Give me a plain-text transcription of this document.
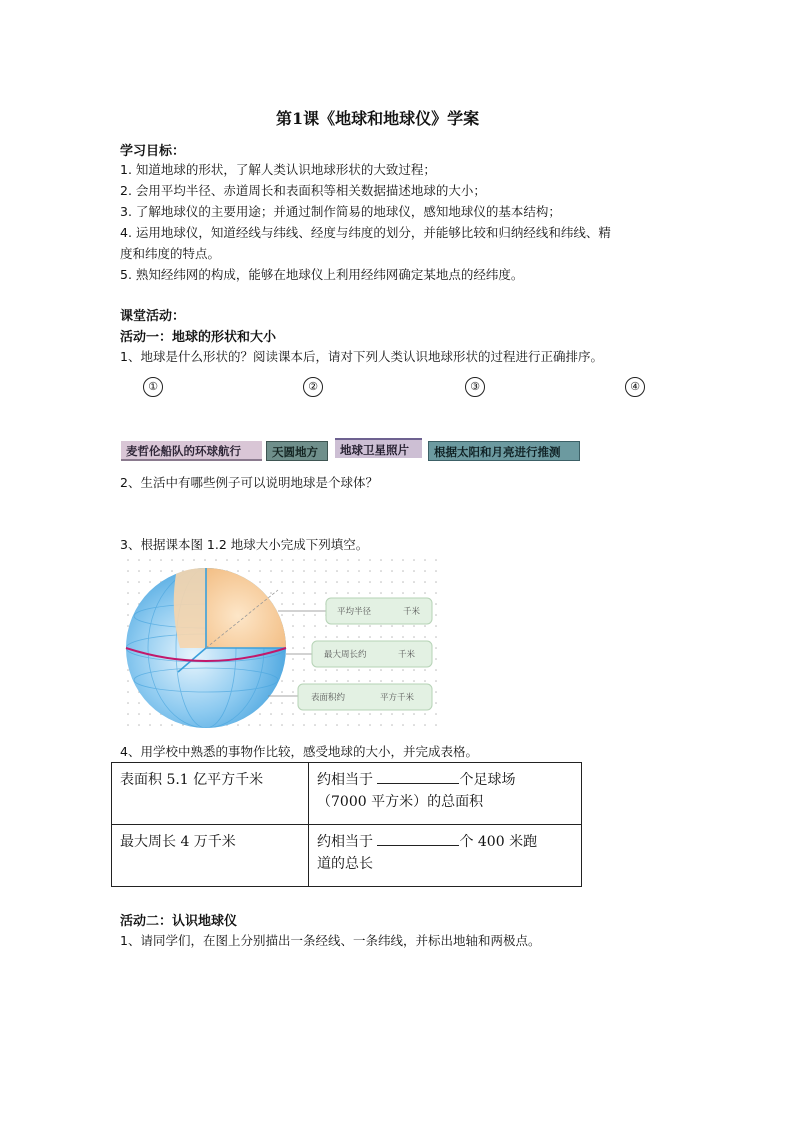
第1课《地球和地球仪》学案
学习目标：
1. 知道地球的形状，了解人类认识地球形状的大致过程；
2. 会用平均半径、赤道周长和表面积等相关数据描述地球的大小；
3. 了解地球仪的主要用途；并通过制作简易的地球仪，感知地球仪的基本结构；
4. 运用地球仪，知道经线与纬线、经度与纬度的划分，并能够比较和归纳经线和纬线、精
度和纬度的特点。
5. 熟知经纬网的构成，能够在地球仪上利用经纬网确定某地点的经纬度。
课堂活动：
活动一：地球的形状和大小
1、地球是什么形状的？阅读课本后，请对下列人类认识地球形状的过程进行正确排序。
①	②	③	④
麦哲伦船队的环球航行	天圆地方	地球卫星照片	根据太阳和月亮进行推测
2、生活中有哪些例子可以说明地球是个球体？
3、根据课本图 1.2 地球大小完成下列填空。
平均半径	千米
最大周长约	千米
表面积约	平方千米
4、用学校中熟悉的事物作比较，感受地球的大小，并完成表格。
表面积 5.1 亿平方千米	约相当于 个足球场
（7000 平方米）的总面积
最大周长 4 万千米	约相当于 个 400 米跑
道的总长
活动二：认识地球仪
1、请同学们，在图上分别描出一条经线、一条纬线，并标出地轴和两极点。
